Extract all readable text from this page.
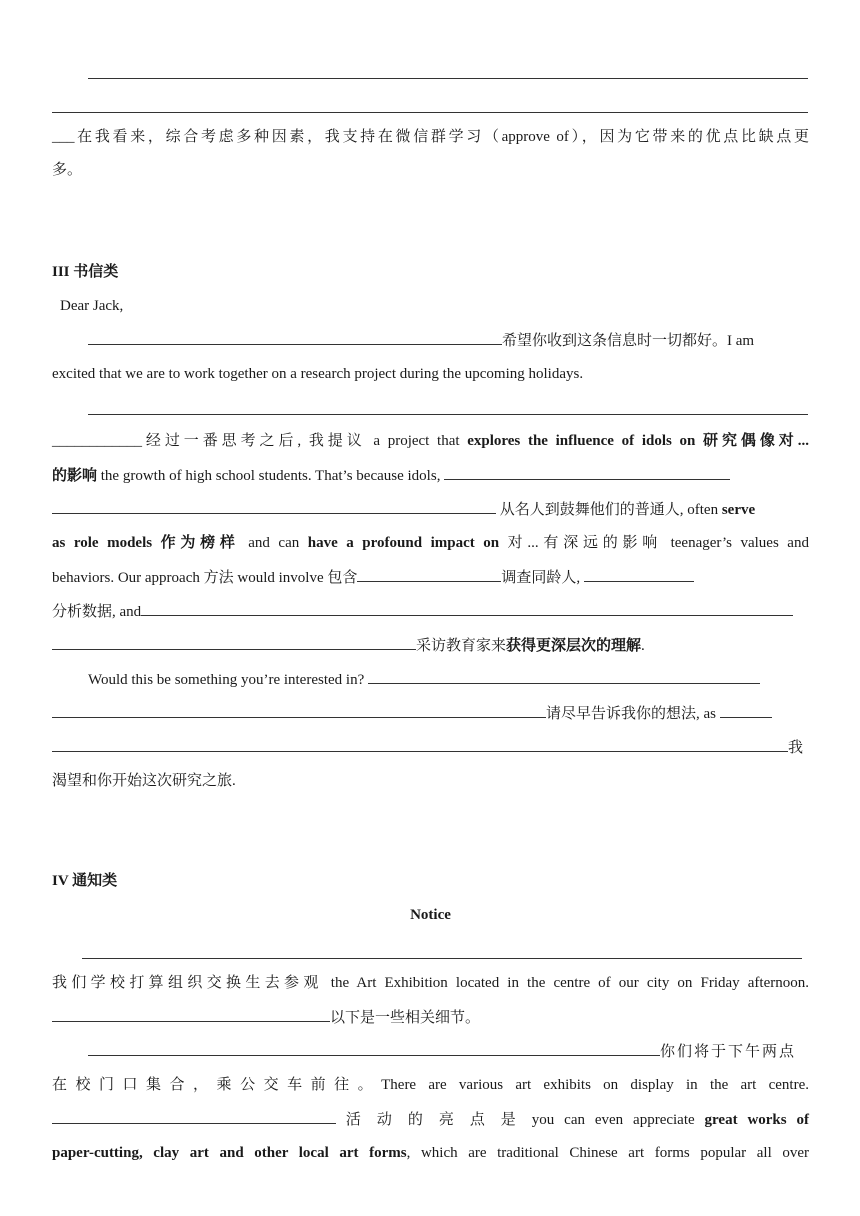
___在我看来，综合考虑多种因素，我支持在微信群学习（approve of），因为它带来的优点比缺点更
多。
III 书信类
Dear Jack,
希望你收到这条信息时一切都好。I am
excited that we are to work together on a research project during the upcoming holidays.
____________经过一番思考之后, 我提议 a project that explores the influence of idols on 研究偶像对...
的影响 the growth of high school students. That’s because idols,
从名人到鼓舞他们的普通人, often serve
as role models 作为榜样 and can have a profound impact on 对...有深远的影响 teenager’s values and
behaviors. Our approach 方法 would involve 包含	调查同龄人,
分析数据, and
采访教育家来获得更深层次的理解.
Would this be something you’re interested in?
请尽早告诉我你的想法, as
我
渴望和你开始这次研究之旅.
IV 通知类
Notice
我们学校打算组织交换生去参观 the Art Exhibition located in the centre of our city on Friday afternoon.
以下是一些相关细节。
你们将于下午两点
在校门口集合，乘公交车前往。There are various art exhibits on display in the art centre.
活 动 的 亮 点 是 you can even appreciate great works of
paper-cutting, clay art and other local art forms, which are traditional Chinese art forms popular all over
